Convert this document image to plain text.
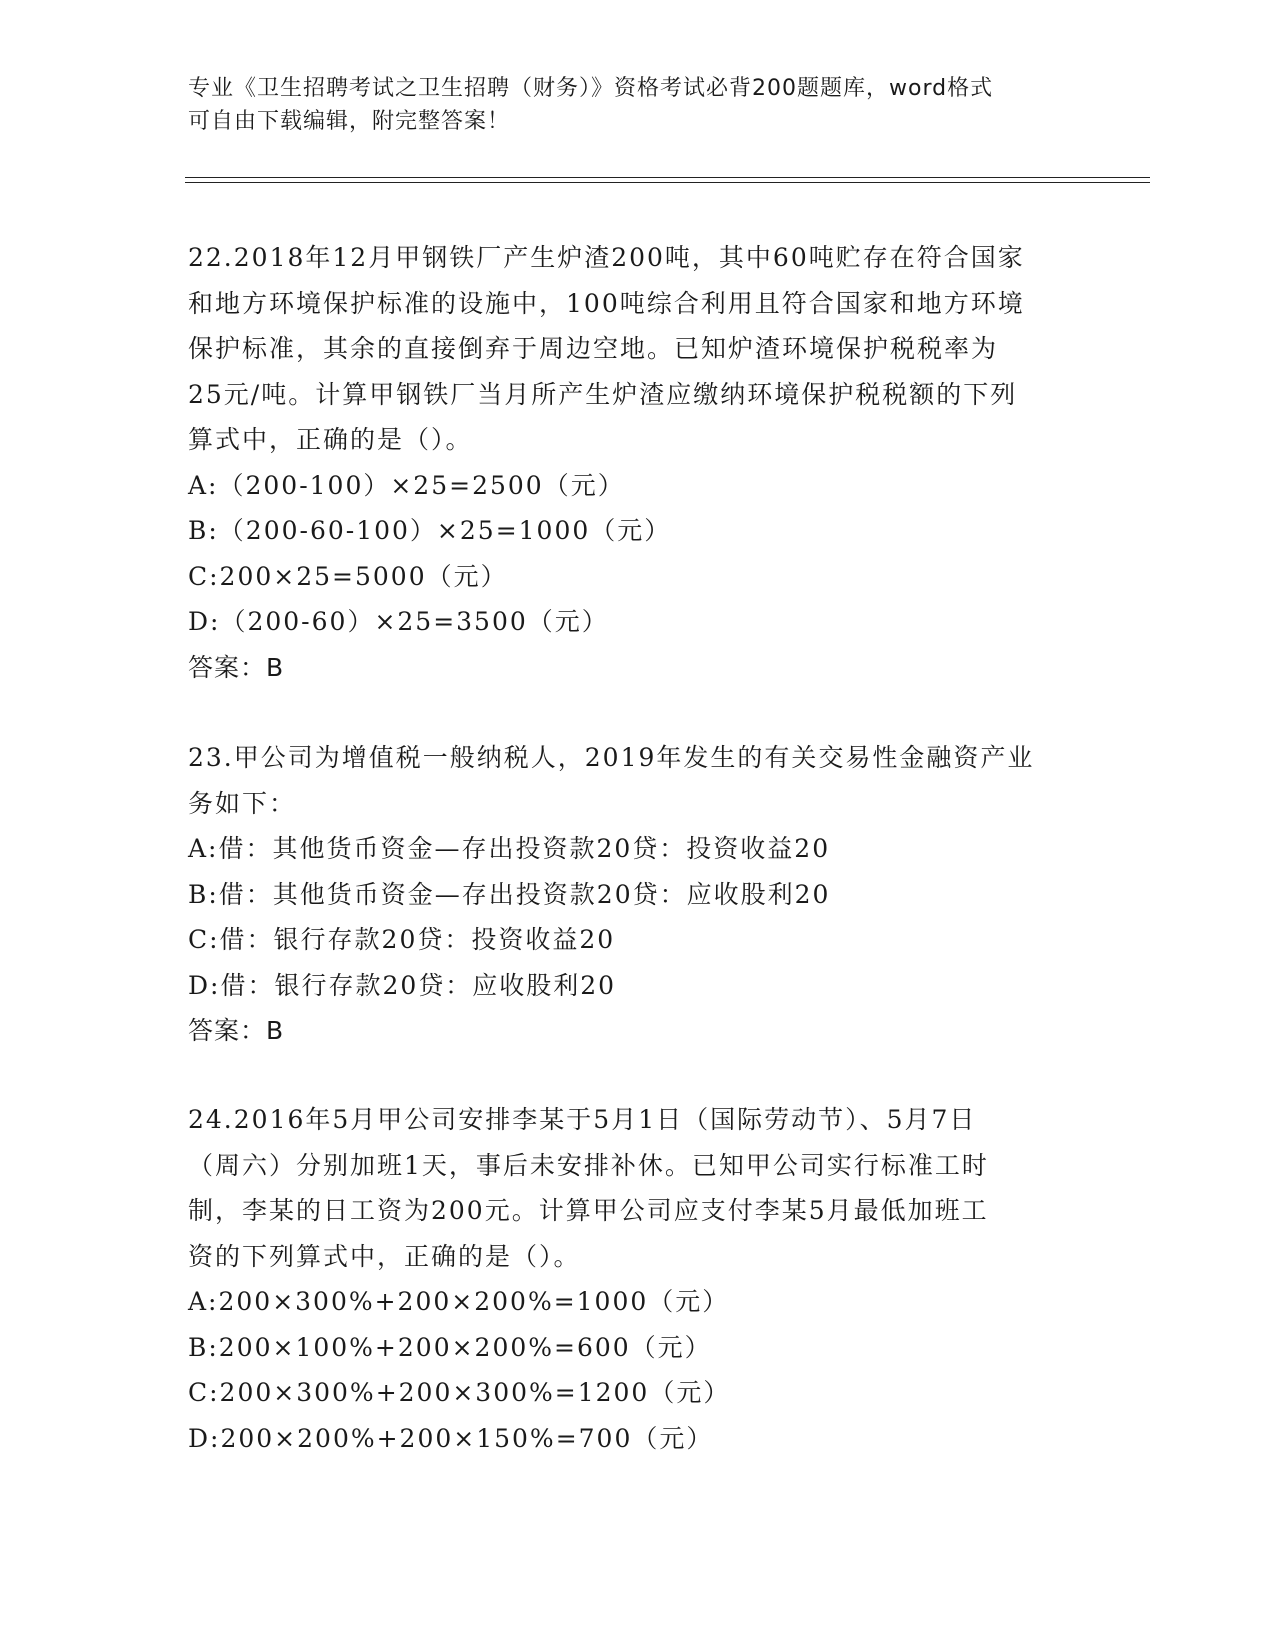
专业《卫生招聘考试之卫生招聘（财务）》资格考试必背200题题库，word格式
可自由下载编辑，附完整答案！

22.2018年12月甲钢铁厂产生炉渣200吨，其中60吨贮存在符合国家

和地方环境保护标准的设施中，100吨综合利用且符合国家和地方环境

保护标准，其余的直接倒弃于周边空地。已知炉渣环境保护税税率为

25元/吨。计算甲钢铁厂当月所产生炉渣应缴纳环境保护税税额的下列

算式中，正确的是（）。

A:（200-100）×25=2500（元）

B:（200-60-100）×25=1000（元）

C:200×25=5000（元）

D:（200-60）×25=3500（元）

答案：B

23.甲公司为增值税一般纳税人，2019年发生的有关交易性金融资产业

务如下：

A:借：其他货币资金—存出投资款20贷：投资收益20

B:借：其他货币资金—存出投资款20贷：应收股利20

C:借：银行存款20贷：投资收益20

D:借：银行存款20贷：应收股利20

答案：B

24.2016年5月甲公司安排李某于5月1日（国际劳动节）、5月7日

（周六）分别加班1天，事后未安排补休。已知甲公司实行标准工时

制，李某的日工资为200元。计算甲公司应支付李某5月最低加班工

资的下列算式中，正确的是（）。

A:200×300%+200×200%=1000（元）

B:200×100%+200×200%=600（元）

C:200×300%+200×300%=1200（元）

D:200×200%+200×150%=700（元）
